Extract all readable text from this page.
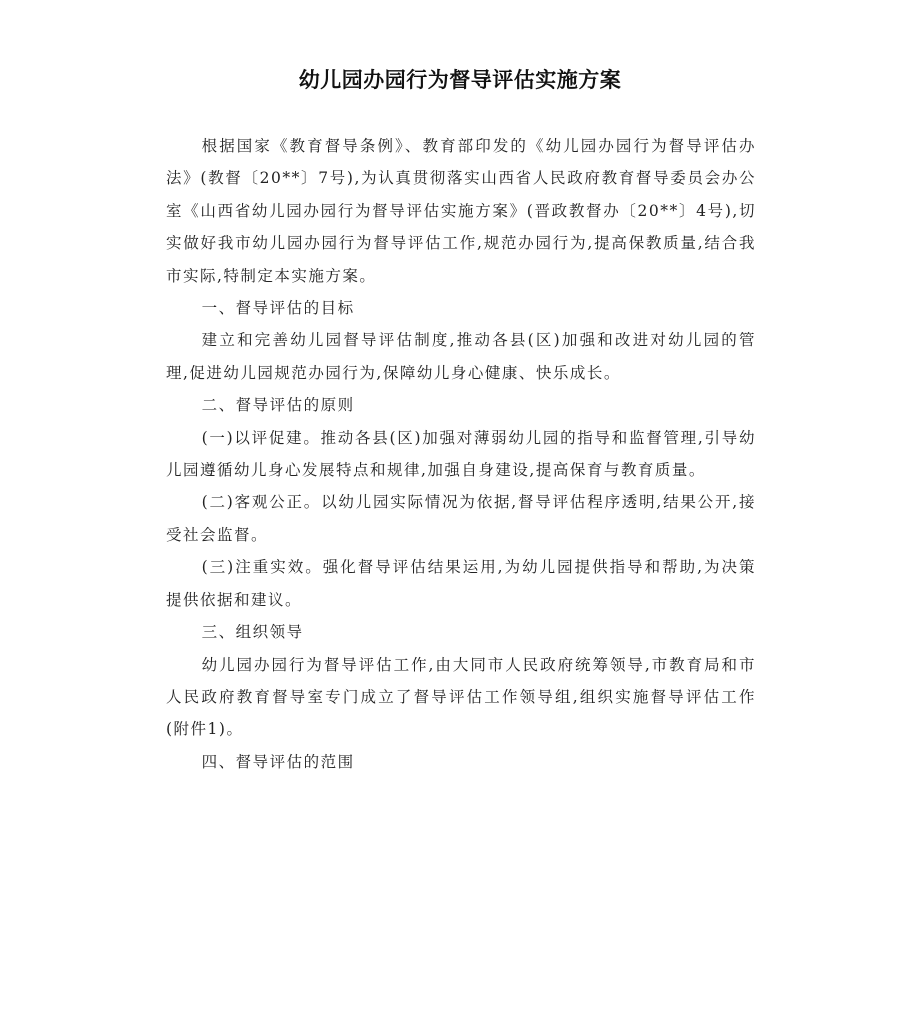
幼儿园办园行为督导评估实施方案

根据国家《教育督导条例》、教育部印发的《幼儿园办园行为督导评估办法》(教督〔20**〕7号),为认真贯彻落实山西省人民政府教育督导委员会办公室《山西省幼儿园办园行为督导评估实施方案》(晋政教督办〔20**〕4号),切实做好我市幼儿园办园行为督导评估工作,规范办园行为,提高保教质量,结合我市实际,特制定本实施方案。

一、督导评估的目标

建立和完善幼儿园督导评估制度,推动各县(区)加强和改进对幼儿园的管理,促进幼儿园规范办园行为,保障幼儿身心健康、快乐成长。

二、督导评估的原则

(一)以评促建。推动各县(区)加强对薄弱幼儿园的指导和监督管理,引导幼儿园遵循幼儿身心发展特点和规律,加强自身建设,提高保育与教育质量。

(二)客观公正。以幼儿园实际情况为依据,督导评估程序透明,结果公开,接受社会监督。

(三)注重实效。强化督导评估结果运用,为幼儿园提供指导和帮助,为决策提供依据和建议。

三、组织领导

幼儿园办园行为督导评估工作,由大同市人民政府统筹领导,市教育局和市人民政府教育督导室专门成立了督导评估工作领导组,组织实施督导评估工作(附件1)。

四、督导评估的范围
